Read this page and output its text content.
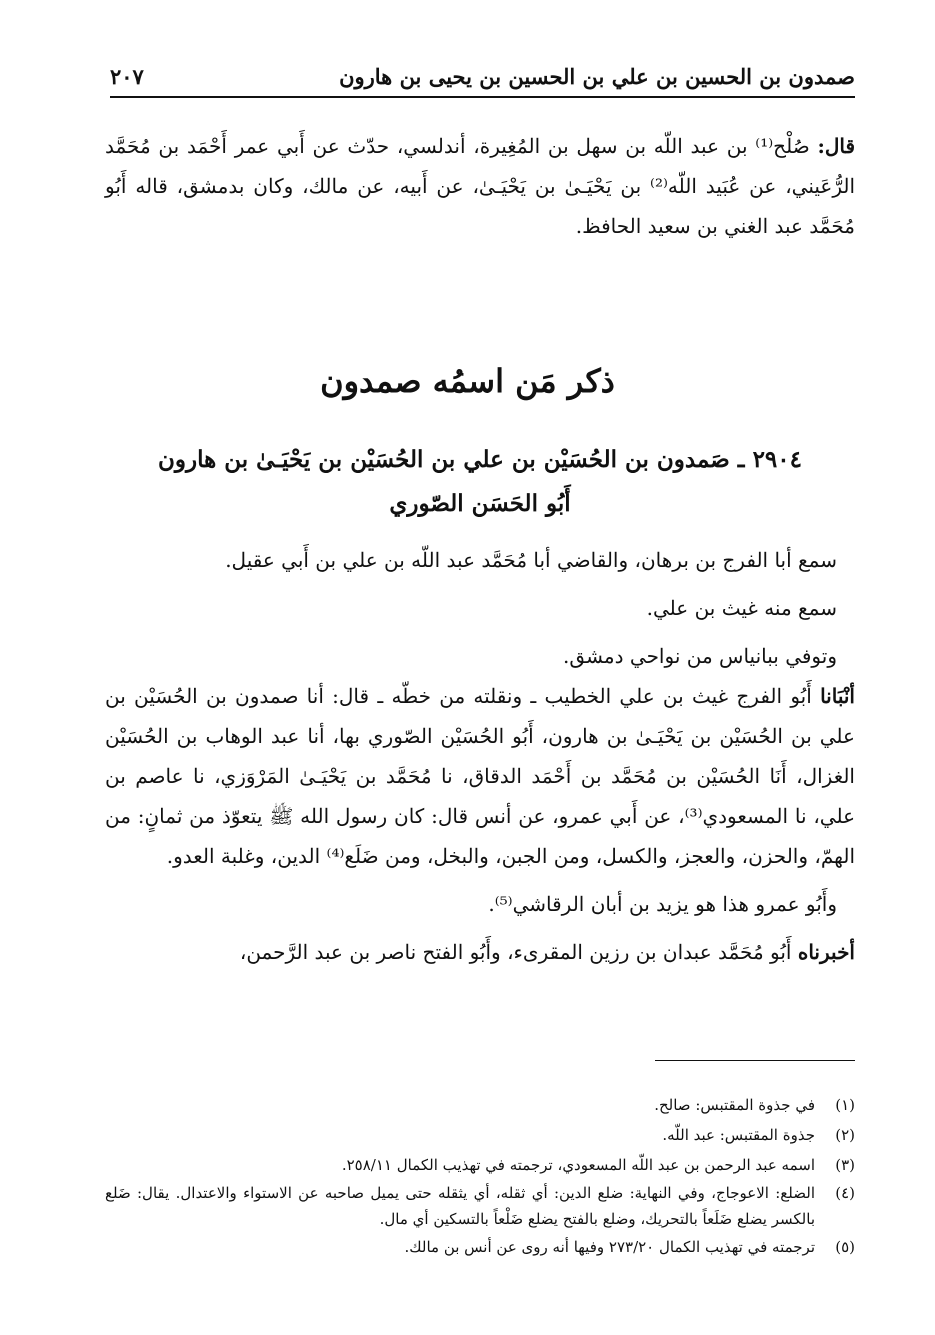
صمدون بن الحسين بن علي بن الحسين بن يحيى بن هارون
٢٠٧

قال: صُلْح⁽¹⁾ بن عبد اللّه بن سهل بن المُغِيرة، أندلسي، حدّث عن أَبي عمر أَحْمَد بن مُحَمَّد الرُّعَيني، عن عُبَيد اللّه⁽²⁾ بن يَحْيَـىٰ بن يَحْيَـىٰ، عن أَبيه، عن مالك، وكان بدمشق، قاله أَبُو مُحَمَّد عبد الغني بن سعيد الحافظ.

ذكر مَن اسمُه صمدون
٢٩٠٤ ـ صَمدون بن الحُسَيْن بن علي بن الحُسَيْن بن يَحْيَـىٰ بن هارون
أَبُو الحَسَن الصّوري

سمع أبا الفرج بن برهان، والقاضي أبا مُحَمَّد عبد اللّه بن علي بن أَبي عقيل.

سمع منه غيث بن علي.

وتوفي ببانياس من نواحي دمشق.

أنْبَانا أَبُو الفرج غيث بن علي الخطيب ـ ونقلته من خطّه ـ قال: أنا صمدون بن الحُسَيْن بن علي بن الحُسَيْن بن يَحْيَـىٰ بن هارون، أَبُو الحُسَيْن الصّوري بها، أنا عبد الوهاب بن الحُسَيْن الغزال، أَنَا الحُسَيْن بن مُحَمَّد بن أَحْمَد الدقاق، نا مُحَمَّد بن يَحْيَـىٰ المَرْوَزي، نا عاصم بن علي، نا المسعودي⁽³⁾، عن أَبي عمرو، عن أنس قال: كان رسول الله ﷺ يتعوّذ من ثمانٍ: من الهمّ، والحزن، والعجز، والكسل، ومن الجبن، والبخل، ومن ضَلَع⁽⁴⁾ الدين، وغلبة العدو.

وأَبُو عمرو هذا هو يزيد بن أبان الرقاشي⁽⁵⁾.

أخبرناه أَبُو مُحَمَّد عبدان بن رزين المقرىء، وأَبُو الفتح ناصر بن عبد الرَّحمن،

(١)
في جذوة المقتبس: صالح.
(٢)
جذوة المقتبس: عبد اللّه.
(٣)
اسمه عبد الرحمن بن عبد اللّه المسعودي، ترجمته في تهذيب الكمال ٢٥٨/١١.
(٤)
الضلع: الاعوجاج، وفي النهاية: ضلع الدين: أي ثقله، أي يثقله حتى يميل صاحبه عن الاستواء والاعتدال. يقال: ضَلع بالكسر يضلع ضَلَعاً بالتحريك، وضلع بالفتح يضلع ضَلْعاً بالتسكين أي مال.
(٥)
ترجمته في تهذيب الكمال ٢٧٣/٢٠ وفيها أنه روى عن أنس بن مالك.
